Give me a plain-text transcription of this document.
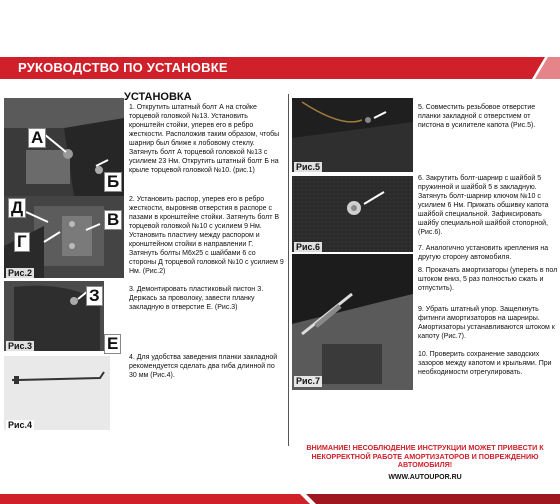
РУКОВОДСТВО ПО УСТАНОВКЕ
УСТАНОВКА
А
Б
Д
В
Г
Рис.2
З
Рис.3	Е
Рис.4
1. Открутить штатный болт А на стойке торцевой головкой №13. Установить кронштейн стойки, уперев его в ребро жесткости. Расположив таким образом, чтобы шарнир был ближе к лобовому стеклу. Затянуть болт А торцевой головкой №13 с усилием 23 Нм. Открутить штатный болт Б на крыле торцевой головкой №10. (рис.1)
2. Установить распор, уперев его в ребро жесткости, выровняв отверстия в распоре с пазами в кронштейне стойки. Затянуть болт В торцевой головкой №10 с усилием 9 Нм. Установить пластину между распором и кронштейном стойки в направлении Г. Затянуть болты М6х25 с шайбами 6 со стороны Д торцевой головкой №10 с усилием 9 Нм. (Рис.2)
3. Демонтировать пластиковый пистон З. Держась за проволоку, завести планку закладную в отверстие Е. (Рис.3)
4. Для удобства заведения планки закладной рекомендуется сделать два гиба длинной по 30 мм (Рис.4).
Рис.5
Рис.6
Рис.7
5. Совместить резьбовое отверстие планки закладной с отверстием от пистона в усилителе капота (Рис.5).
6. Закрутить болт-шарнир с шайбой 5 пружинной и шайбой 5 в закладную. Затянуть болт-шарнир ключом №10 с усилием 6 Нм. Прижать обшивку капота шайбой специальной. Зафиксировать шайбу специальной шайбой стопорной, (Рис.6).
7. Аналогично установить крепления на другую сторону автомобиля.
8. Прокачать амортизаторы (упереть в пол штоком вниз, 5 раз полностью сжать и отпустить).
9. Убрать штатный упор. Защелкнуть фитинги амортизаторов на шарниры. Амортизаторы устанавливаются штоком к капоту (Рис.7).
10. Проверить сохранение заводских зазоров между капотом и крыльями. При необходимости отрегулировать.
ВНИМАНИЕ! НЕСОБЛЮДЕНИЕ ИНСТРУКЦИИ МОЖЕТ ПРИВЕСТИ К НЕКОРРЕКТНОЙ РАБОТЕ АМОРТИЗАТОРОВ И ПОВРЕЖДЕНИЮ АВТОМОБИЛЯ!
WWW.AUTOUPOR.RU
